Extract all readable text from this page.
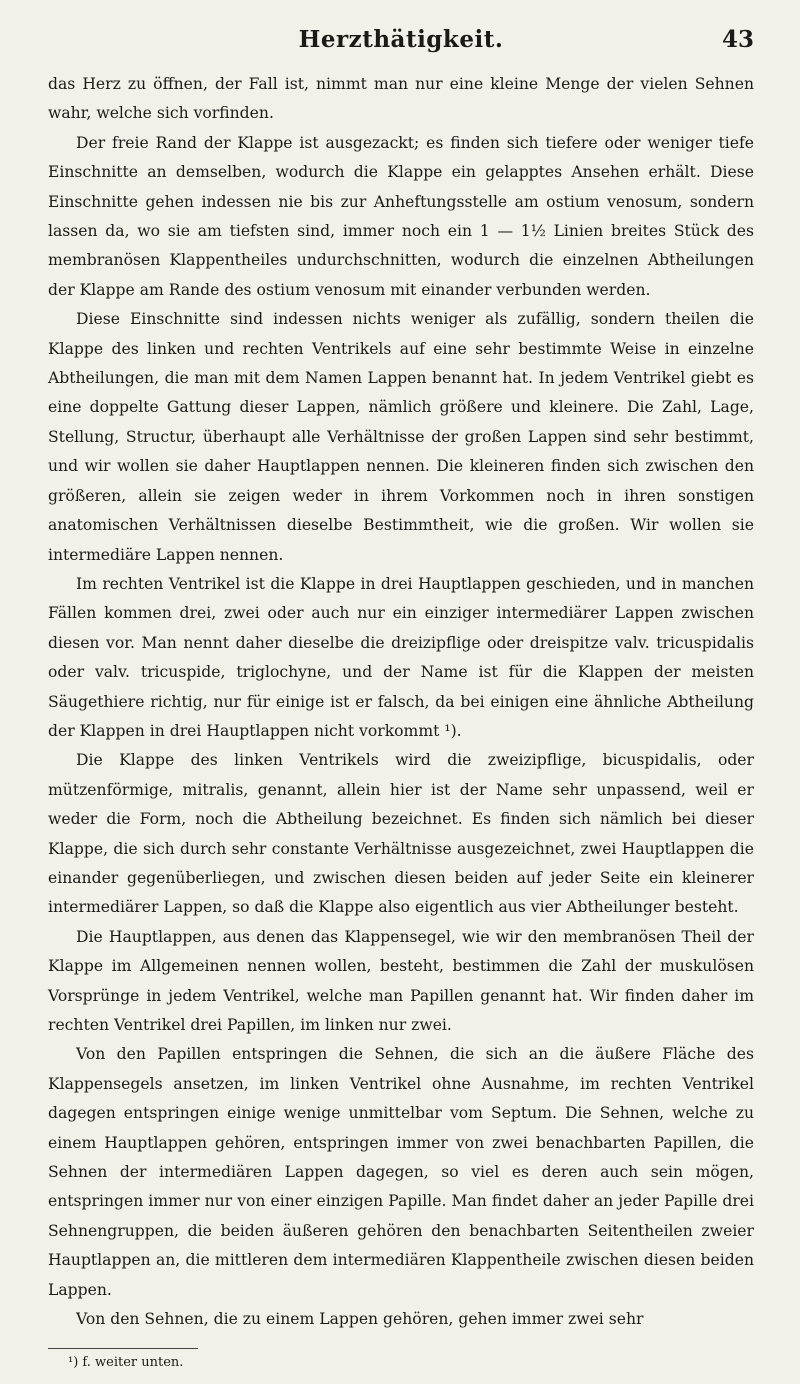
Herzthätigkeit.	43

das Herz zu öffnen, der Fall ist, nimmt man nur eine kleine Menge der vielen Sehnen wahr, welche sich vorfinden.

Der freie Rand der Klappe ist ausgezackt; es finden sich tiefere oder weniger tiefe Einschnitte an demselben, wodurch die Klappe ein gelapptes Ansehen erhält. Diese Einschnitte gehen indessen nie bis zur Anheftungsstelle am ostium venosum, sondern lassen da, wo sie am tiefsten sind, immer noch ein 1 — 1½ Linien breites Stück des membranösen Klappentheiles undurchschnitten, wodurch die einzelnen Abtheilungen der Klappe am Rande des ostium venosum mit einander verbunden werden.

Diese Einschnitte sind indessen nichts weniger als zufällig, sondern theilen die Klappe des linken und rechten Ventrikels auf eine sehr bestimmte Weise in einzelne Abtheilungen, die man mit dem Namen Lappen benannt hat. In jedem Ventrikel giebt es eine doppelte Gattung dieser Lappen, nämlich größere und kleinere. Die Zahl, Lage, Stellung, Structur, überhaupt alle Verhältnisse der großen Lappen sind sehr bestimmt, und wir wollen sie daher Hauptlappen nennen. Die kleineren finden sich zwischen den größeren, allein sie zeigen weder in ihrem Vorkommen noch in ihren sonstigen anatomischen Verhältnissen dieselbe Bestimmtheit, wie die großen. Wir wollen sie intermediäre Lappen nennen.

Im rechten Ventrikel ist die Klappe in drei Hauptlappen geschieden, und in manchen Fällen kommen drei, zwei oder auch nur ein einziger intermediärer Lappen zwischen diesen vor. Man nennt daher dieselbe die dreizipflige oder dreispitze valv. tricuspidalis oder valv. tricuspide, triglochyne, und der Name ist für die Klappen der meisten Säugethiere richtig, nur für einige ist er falsch, da bei einigen eine ähnliche Abtheilung der Klappen in drei Hauptlappen nicht vorkommt ¹).

Die Klappe des linken Ventrikels wird die zweizipflige, bicuspidalis, oder mützenförmige, mitralis, genannt, allein hier ist der Name sehr unpassend, weil er weder die Form, noch die Abtheilung bezeichnet. Es finden sich nämlich bei dieser Klappe, die sich durch sehr constante Verhältnisse ausgezeichnet, zwei Hauptlappen die einander gegenüberliegen, und zwischen diesen beiden auf jeder Seite ein kleinerer intermediärer Lappen, so daß die Klappe also eigentlich aus vier Abtheilunger besteht.

Die Hauptlappen, aus denen das Klappensegel, wie wir den membranösen Theil der Klappe im Allgemeinen nennen wollen, besteht, bestimmen die Zahl der muskulösen Vorsprünge in jedem Ventrikel, welche man Papillen genannt hat. Wir finden daher im rechten Ventrikel drei Papillen, im linken nur zwei.

Von den Papillen entspringen die Sehnen, die sich an die äußere Fläche des Klappensegels ansetzen, im linken Ventrikel ohne Ausnahme, im rechten Ventrikel dagegen entspringen einige wenige unmittelbar vom Septum. Die Sehnen, welche zu einem Hauptlappen gehören, entspringen immer von zwei benachbarten Papillen, die Sehnen der intermediären Lappen dagegen, so viel es deren auch sein mögen, entspringen immer nur von einer einzigen Papille. Man findet daher an jeder Papille drei Sehnengruppen, die beiden äußeren gehören den benachbarten Seitentheilen zweier Hauptlappen an, die mittleren dem intermediären Klappentheile zwischen diesen beiden Lappen.

Von den Sehnen, die zu einem Lappen gehören, gehen immer zwei sehr

¹) f. weiter unten.
